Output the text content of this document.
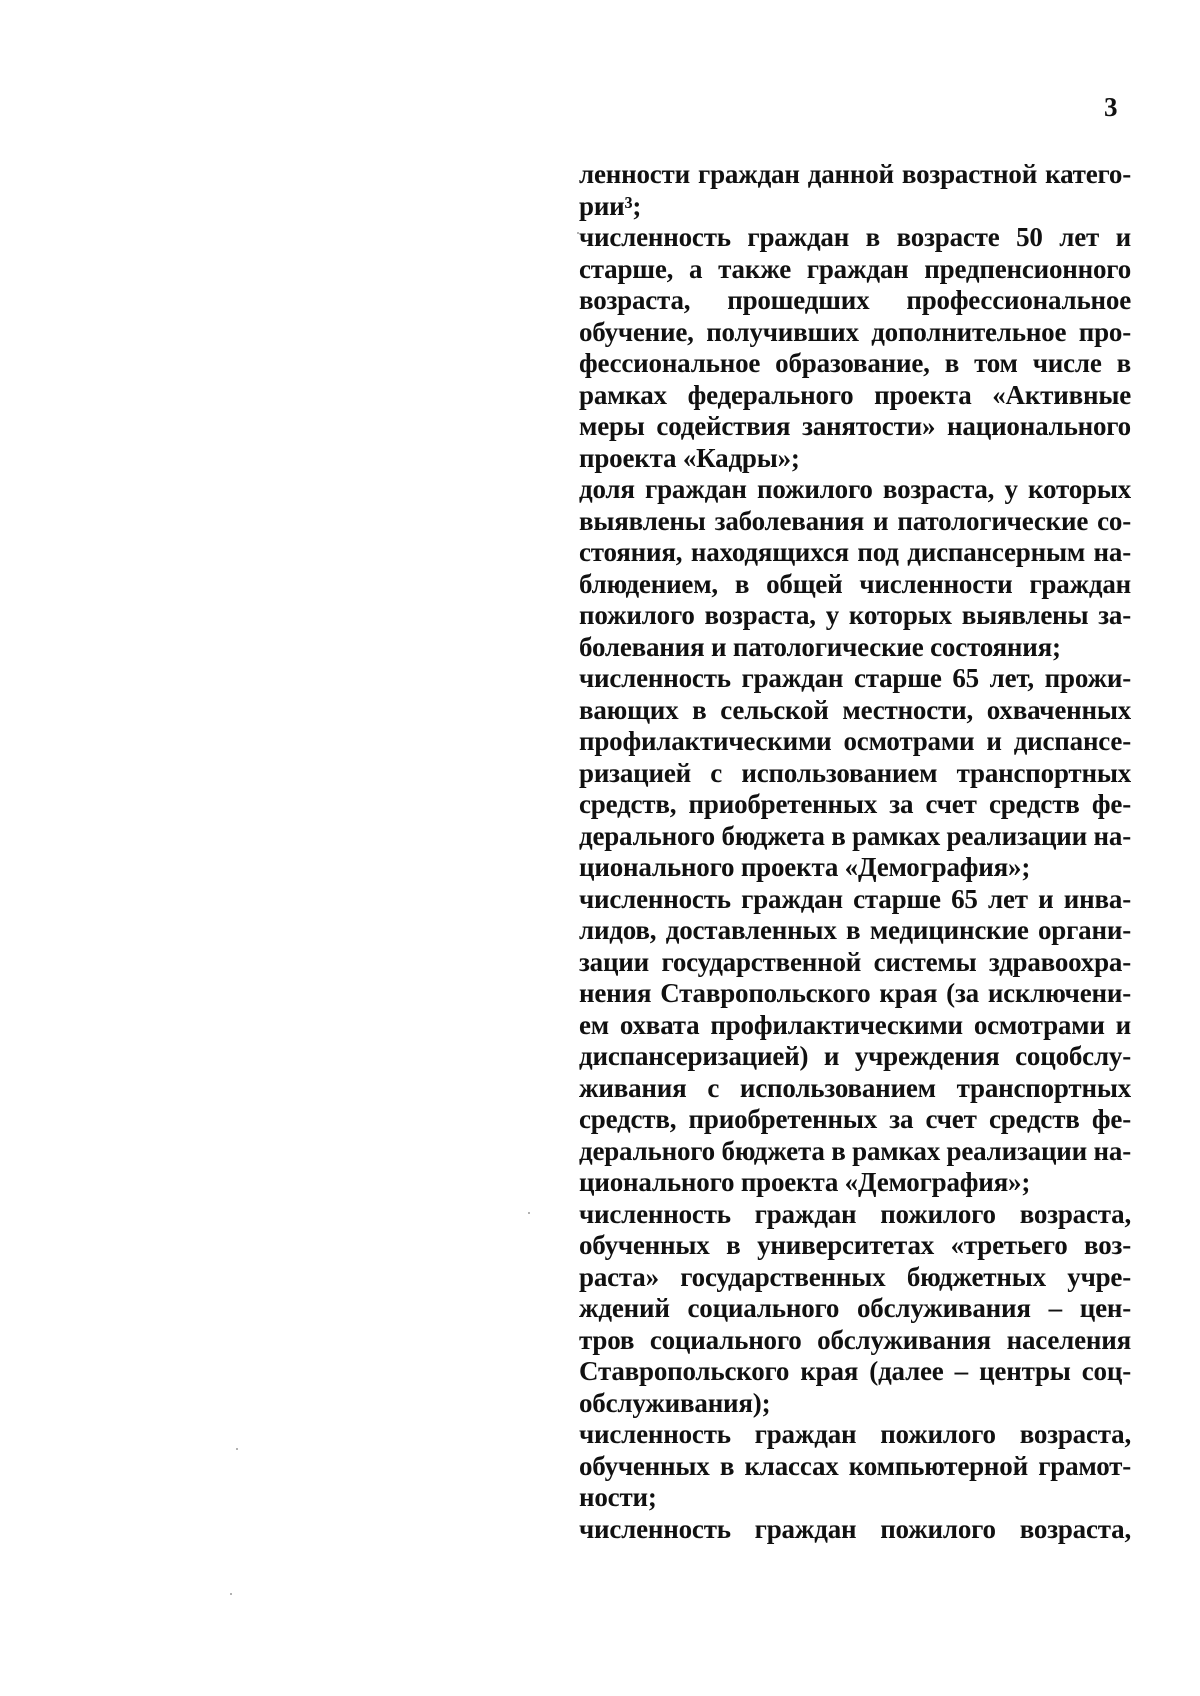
3
ленности граждан данной возрастной катего-
рии³;
численность граждан в возрасте 50 лет и
старше, а также граждан предпенсионного
возраста, прошедших профессиональное
обучение, получивших дополнительное про-
фессиональное образование, в том числе в
рамках федерального проекта «Активные
меры содействия занятости» национального
проекта «Кадры»;
доля граждан пожилого возраста, у которых
выявлены заболевания и патологические со-
стояния, находящихся под диспансерным на-
блюдением, в общей численности граждан
пожилого возраста, у которых выявлены за-
болевания и патологические состояния;
численность граждан старше 65 лет, прожи-
вающих в сельской местности, охваченных
профилактическими осмотрами и диспансе-
ризацией с использованием транспортных
средств, приобретенных за счет средств фе-
дерального бюджета в рамках реализации на-
ционального проекта «Демография»;
численность граждан старше 65 лет и инва-
лидов, доставленных в медицинские органи-
зации государственной системы здравоохра-
нения Ставропольского края (за исключени-
ем охвата профилактическими осмотрами и
диспансеризацией) и учреждения соцобслу-
живания с использованием транспортных
средств, приобретенных за счет средств фе-
дерального бюджета в рамках реализации на-
ционального проекта «Демография»;
численность граждан пожилого возраста,
обученных в университетах «третьего воз-
раста» государственных бюджетных учре-
ждений социального обслуживания – цен-
тров социального обслуживания населения
Ставропольского края (далее – центры соц-
обслуживания);
численность граждан пожилого возраста,
обученных в классах компьютерной грамот-
ности;
численность граждан пожилого возраста,
